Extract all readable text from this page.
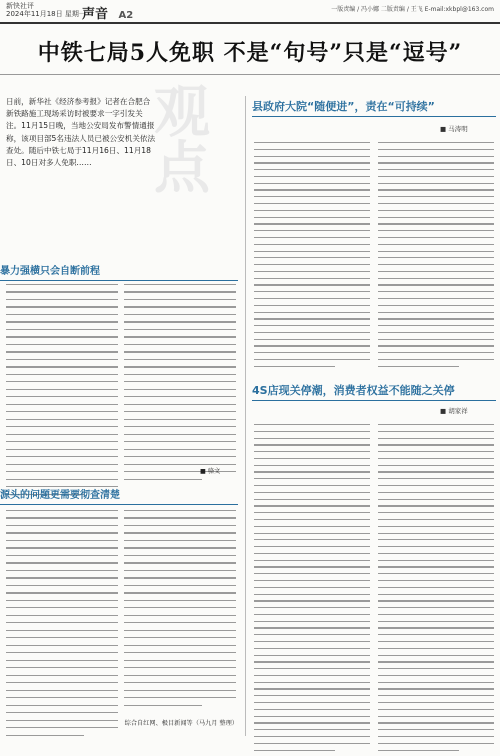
新快社评
2024年11月18日 星期一
声音 A2
一版责编 / 冯小娜 二版责编 / 王飞 E-mail:xkbpl@163.com
中铁七局5人免职 不是“句号”只是“逗号”
观点
日前，新华社《经济参考报》记者在合肥合新铁路施工现场采访时被要求一字引发关注。11月15日晚，当地公安局发布警情通报称，该项目部5名违法人员已被公安机关依法查处。随后中铁七局于11月16日、11月18日、10日对多人免职……
暴力强横只会自断前程
■ 骆文
源头的问题更需要彻查清楚
综合自红网、极目新闻等（马九月 整理）
县政府大院“随便进”，责在“可持续”
■ 马涛明
4S店现关停潮，消费者权益不能随之关停
■ 胡家祥
